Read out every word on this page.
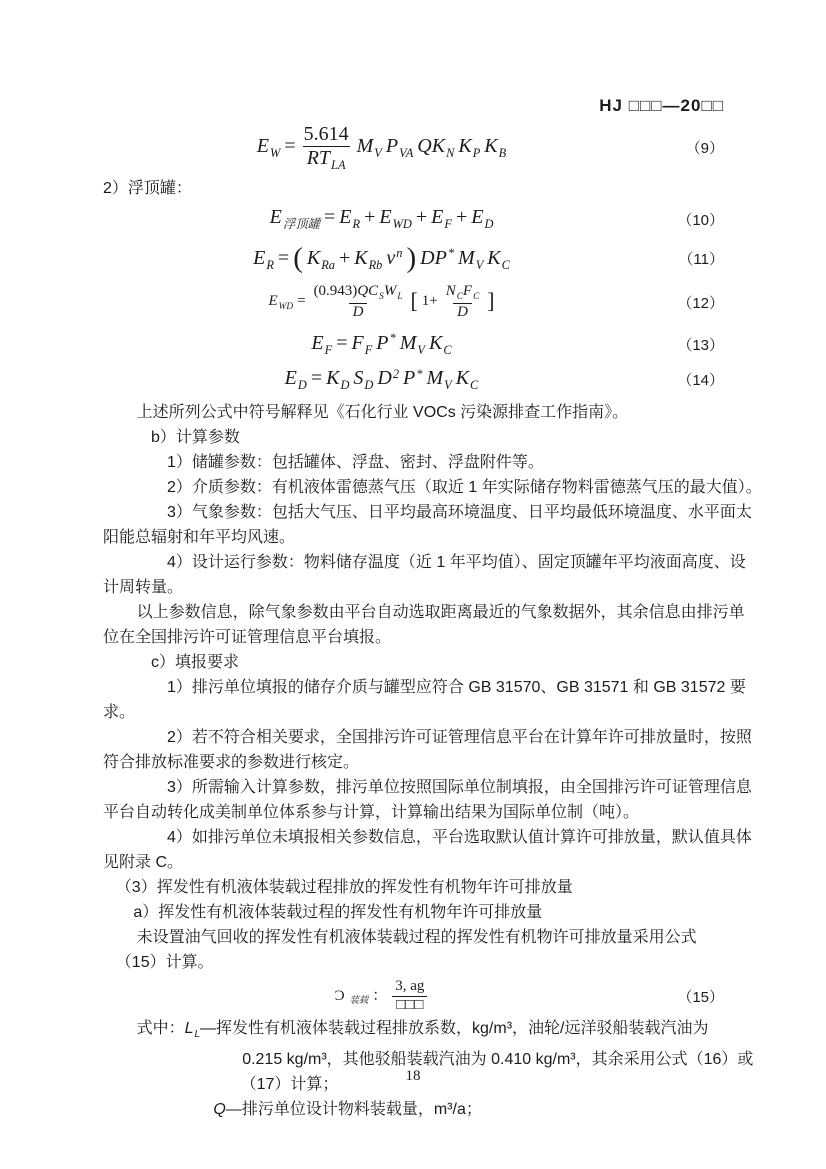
HJ □□□—20□□
$E_W$ =
5.614
$RT_{LA}$
$M_V$ $P_{VA}$ $QK_N$ $K_P$ $K_B$	（9）
2）浮顶罐：
$E_{浮顶罐} = E_R + E_{WD} + E_F + E_D$	（10）
$E_R$ = ( $K_{Ra} + K_{Rb}$ $v^n$ ) DP* $M_V$ $K_C$	（11）
$E_{WD}$ =
$(0.943)QC_SW_L$
D [ 1+
$N_CF_C$
D ]	（12）
$E_F = F_F$ P* $M_V$ $K_C$	（13）
$E_D = K_D$ $S_D$ $D^2$ P* $M_V$ $K_C$	（14）
上述所列公式中符号解释见《石化行业 VOCs 污染源排查工作指南》。
b）计算参数
1）储罐参数：包括罐体、浮盘、密封、浮盘附件等。
2）介质参数：有机液体雷德蒸气压（取近 1 年实际储存物料雷德蒸气压的最大值）。
3）气象参数：包括大气压、日平均最高环境温度、日平均最低环境温度、水平面太
阳能总辐射和年平均风速。
4）设计运行参数：物料储存温度（近 1 年平均值）、固定顶罐年平均液面高度、设
计周转量。
以上参数信息，除气象参数由平台自动选取距离最近的气象数据外，其余信息由排污单
位在全国排污许可证管理信息平台填报。
c）填报要求
1）排污单位填报的储存介质与罐型应符合 GB 31570、GB 31571 和 GB 31572 要
求。
2）若不符合相关要求，全国排污许可证管理信息平台在计算年许可排放量时，按照
符合排放标准要求的参数进行核定。
3）所需输入计算参数，排污单位按照国际单位制填报，由全国排污许可证管理信息
平台自动转化成美制单位体系参与计算，计算输出结果为国际单位制（吨）。
4）如排污单位未填报相关参数信息，平台选取默认值计算许可排放量，默认值具体
见附录 C。
（3）挥发性有机液体装载过程排放的挥发性有机物年许可排放量
a）挥发性有机液体装载过程的挥发性有机物年许可排放量
未设置油气回收的挥发性有机液体装载过程的挥发性有机物许可排放量采用公式
（15）计算。
Ɔ $_{装载}$ ：
3, ag
□□□	（15）
式中：$L_L—$挥发性有机液体装载过程排放系数，kg/m³，油轮/远洋驳船装载汽油为
0.215 kg/m³，其他驳船装载汽油为 0.410 kg/m³，其余采用公式（16）或
（17）计算；
Q—排污单位设计物料装载量，m³/a；
18
